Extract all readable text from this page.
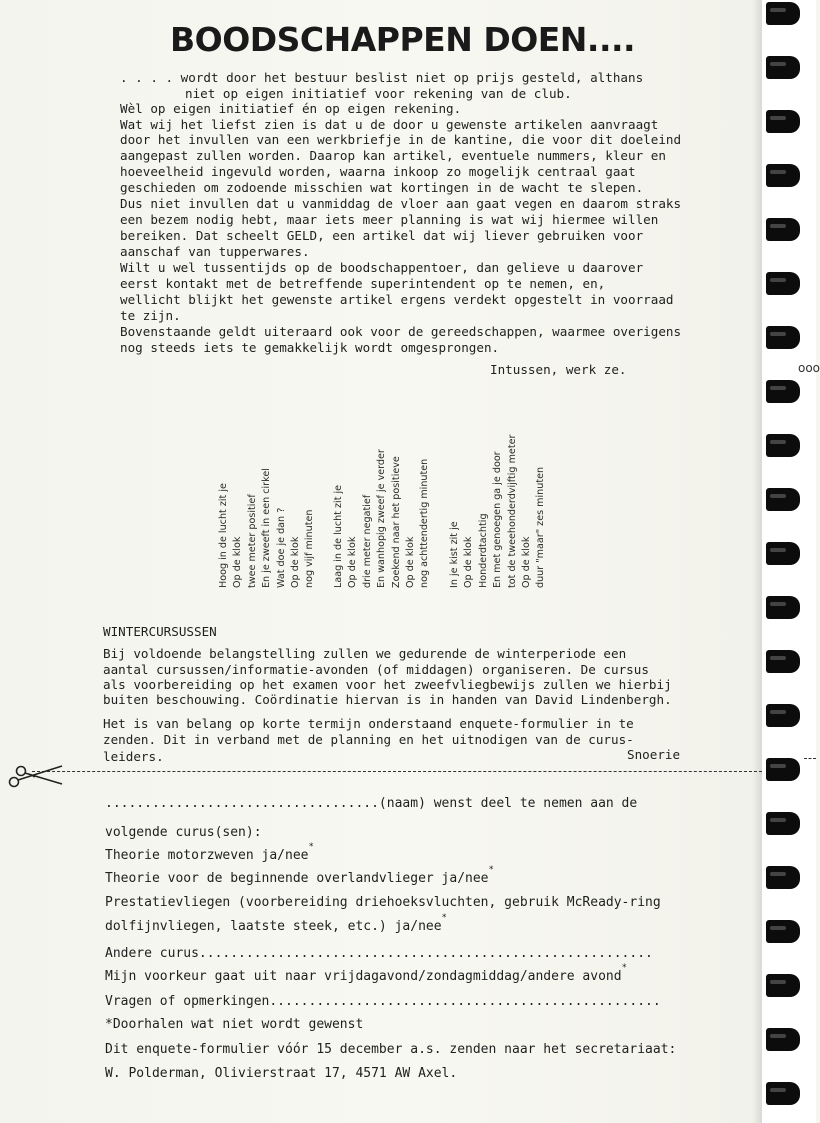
ooo
BOODSCHAPPEN DOEN....
. . . . wordt door het bestuur beslist niet op prijs gesteld, althans
niet op eigen initiatief voor rekening van de club.
Wèl op eigen initiatief én op eigen rekening.
Wat wij het liefst zien is dat u de door u gewenste artikelen aanvraagt
door het invullen van een werkbriefje in de kantine, die voor dit doeleind
aangepast zullen worden. Daarop kan artikel, eventuele nummers, kleur en
hoeveelheid ingevuld worden, waarna inkoop zo mogelijk centraal gaat
geschieden om zodoende misschien wat kortingen in de wacht te slepen.
Dus niet invullen dat u vanmiddag de vloer aan gaat vegen en daarom straks
een bezem nodig hebt, maar iets meer planning is wat wij hiermee willen
bereiken. Dat scheelt GELD, een artikel dat wij liever gebruiken voor
aanschaf van tupperwares.
Wilt u wel tussentijds op de boodschappentoer, dan gelieve u daarover
eerst kontakt met de betreffende superintendent op te nemen, en,
wellicht blijkt het gewenste artikel ergens verdekt opgestelt in voorraad
te zijn.
Bovenstaande geldt uiteraard ook voor de gereedschappen, waarmee overigens
nog steeds iets te gemakkelijk wordt omgesprongen.
Intussen, werk ze.
Hoog in de lucht zit je Op de klok twee meter positief En je zweeft in een cirkel Wat doe je dan ? Op de klok nog vijf minuten	Laag in de lucht zit je Op de klok drie meter negatief En wanhopig zweef je verder Zoekend naar het positieve Op de klok nog achttendertig minuten	In je kist zit je Op de klok Honderdtachtig En met genoegen ga je door tot de tweehonderdvijftig meter Op de klok duur "maar" zes minuten
WINTERCURSUSSEN
Bij voldoende belangstelling zullen we gedurende de winterperiode een
aantal cursussen/informatie-avonden (of middagen) organiseren. De cursus
als voorbereiding op het examen voor het zweefvliegbewijs zullen we hierbij
buiten beschouwing. Coördinatie hiervan is in handen van David Lindenbergh.
Het is van belang op korte termijn onderstaand enquete-formulier in te
zenden. Dit in verband met de planning en het uitnodigen van de curus-
leiders.	Snoerie
...................................(naam) wenst deel te nemen aan de
volgende curus(sen):
Theorie motorzweven ja/nee*
Theorie voor de beginnende overlandvlieger ja/nee*
Prestatievliegen (voorbereiding driehoeksvluchten, gebruik McReady-ring
dolfijnvliegen, laatste steek, etc.) ja/nee*
Andere curus..........................................................
Mijn voorkeur gaat uit naar vrijdagavond/zondagmiddag/andere avond*
Vragen of opmerkingen..................................................
*Doorhalen wat niet wordt gewenst
Dit enquete-formulier vóór 15 december a.s. zenden naar het secretariaat:
W. Polderman, Olivierstraat 17, 4571 AW Axel.
